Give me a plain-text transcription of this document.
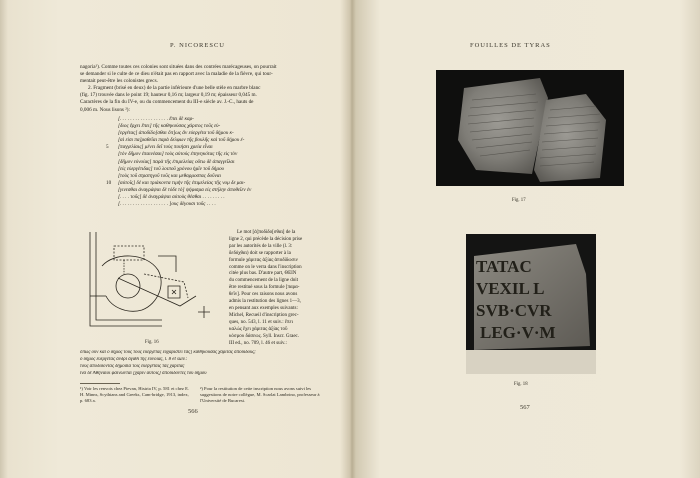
P. NICORESCU

nagoria¹). Comme toutes ces colonies sont situées dans des contrées marécageuses, on pourrait

se demander si le culte de ce dieu n'était pas en rapport avec la maladie de la fièvre, qui tour-

mentait peut-être les colonistes grecs.

2. Fragment (brisé en deux) de la partie inférieure d'une belle stèle en marbre blanc

(fig. 17) trouvée dans le point 19; hauteur 0,16 m; largeur 0,19 m; épaisseur 0,045 m.

Caractères de la fin du IV-e, ou du commencement du III-e siècle av. J.-C., hauts de

0,006 m. Nous lisons ²):

[. . . . . . . . . . . . . . . . . . . ἔπει δὲ καρ-
[διος ἔρχει ἔπει] τῆς καθηκούσας χάριτος τοῦς εὐ-
[εργέτας] ἀποδίδο[σθαι ὅπ]ως ἂν εὐεργέτα τοῦ δήμου κ-
[αὶ εἰσι πα]ραθεῖαι παρὰ δελφων τῆς βουλῆς καὶ τοῦ δήμου ἐ-
5 [παγγελίαις] μένει δεῖ τοὺς ποιήσει χρεία εἶναι
[τὸν δῆμον ἐπαινέσαι] τοὺς αὑτοὺς ἐπηνηκότας τῆς εἰς τὸν
[δῆμον εὐνοίας] παρὰ τῆς ἐπιμελείας οὕτω δὲ ἀπαγγεῖλαι
[εἰς εὐεργέτιδας] τοῦ λοιποῦ χρόνου ἡμῖν τοῦ δήμου
[τοὺς τοῦ στρατηγοῦ τοῦς και μεθαρμοστας δοῦναι
10 [αὐτοῖς] δὲ και τριάκοντα τιμὴν τῆς ἐπιμελείας τῆς νομ δε μαι-
[γινεσθαι ἀναγράψαι δὲ τόδε τὸ] ψήφισμα εἰς στήλην ἀποθεῖεν ἐν
[. . . . τοῦς] δὲ ἀναγράψαι αὐτοὺς θέσθαι . . . . . . . . .
[. . . . . . . . . . . . . . . . . . . ]ους δέγουσι τοῦς . . . .
Fig. 16

Le mot [ἀ]ποδίδο[σθαι] de la

ligne 2, qui précède la décision prise

par les autorités de la ville (l. 3:

δεδόχθαι) doit se rapporter à la

formule χάριτας ἀξίας ἀποδίδωσιν

comme on le verra dans l'inscription

citée plus bas. D'autre part, ΘΕΙΝ

du commencement de la ligne doit

être restitué sous la formule [παρα-

θεῖν]. Pour ces raisons nous avons

admis la restitution des lignes 1—3,

en pensant aux exemples suivants:

Michel, Recueil d'inscription grec-

ques, no. 543, l. 11 et suiv.: ἔπει

καλώς ἔχει χάριτας ἀξίας τοῦ

κόσμου δάσεως. Syll. Inscr. Graec.

III ed., no. 709, l. 46 et suiv.:

ὅπως οὖν καὶ ὁ δῆμος τοῦς τοῦς εὐεργέτας εὐχαριστεῖ τὰς] καθηκούσας χάριτας ἀποδιδούς;

ὁ δῆμος εὐεργέτας ἀνδρὶ ἀγαθῖ τῆς εὐνοίας, l. 8 et suiv.:

τοὺς ἀποδίδοντας δημοσία τοῖς εὐεργέταις τὰς χάριτας

ἵνα δὲ Ἀθηναῖοι φαίνωνται [χάριν αὐτοῖς] ἀποδιδόντες τοῦ δήμου

¹) Voir les renvois chez Pievan, Histria IV, p. 581 et chez E. H. Minns, Scythians and Greeks, Cam-bridge, 1913, index, p. 683 a.
²) Pour la restitution de cette inscription nous avons suivi les suggestions de notre collègue, M. Scarlat Lambrino, professeur à l'Université de Bucarest.
566
FOUILLES DE TYRAS
Fig. 17
TATAC
VEXIL L
SVB·CVR
LEG·V·M
Fig. 18
567
